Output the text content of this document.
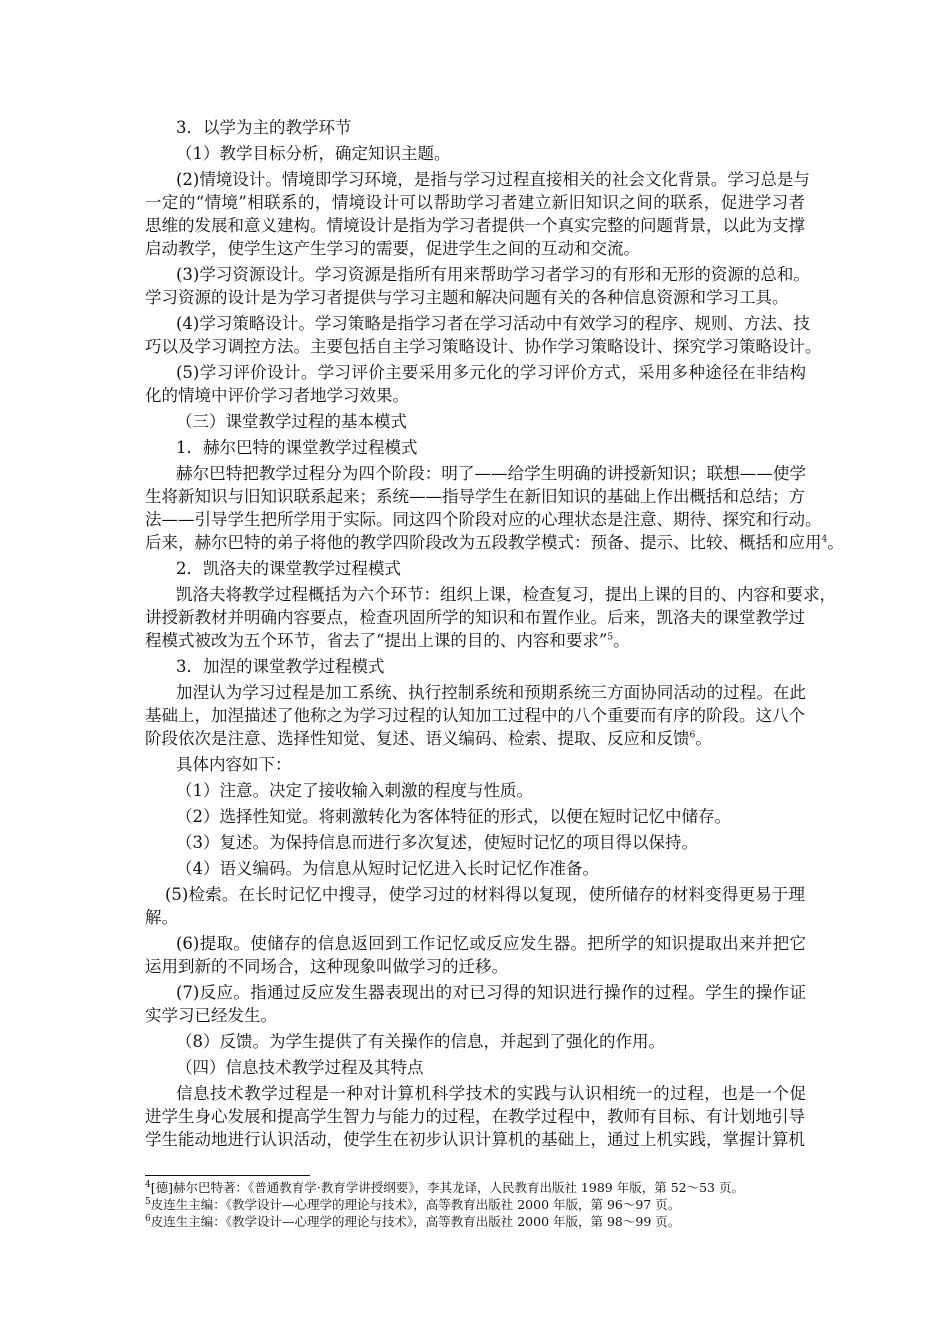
3．以学为主的教学环节
（1）教学目标分析，确定知识主题。
(2)情境设计。情境即学习环境，是指与学习过程直接相关的社会文化背景。学习总是与
一定的“情境”相联系的，情境设计可以帮助学习者建立新旧知识之间的联系，促进学习者
思维的发展和意义建构。情境设计是指为学习者提供一个真实完整的问题背景，以此为支撑
启动教学，使学生这产生学习的需要，促进学生之间的互动和交流。
(3)学习资源设计。学习资源是指所有用来帮助学习者学习的有形和无形的资源的总和。
学习资源的设计是为学习者提供与学习主题和解决问题有关的各种信息资源和学习工具。
(4)学习策略设计。学习策略是指学习者在学习活动中有效学习的程序、规则、方法、技
巧以及学习调控方法。主要包括自主学习策略设计、协作学习策略设计、探究学习策略设计。
(5)学习评价设计。学习评价主要采用多元化的学习评价方式，采用多种途径在非结构
化的情境中评价学习者地学习效果。
（三）课堂教学过程的基本模式
1．赫尔巴特的课堂教学过程模式
赫尔巴特把教学过程分为四个阶段：明了——给学生明确的讲授新知识；联想——使学
生将新知识与旧知识联系起来；系统——指导学生在新旧知识的基础上作出概括和总结；方
法——引导学生把所学用于实际。同这四个阶段对应的心理状态是注意、期待、探究和行动。
后来，赫尔巴特的弟子将他的教学四阶段改为五段教学模式：预备、提示、比较、概括和应用$^4$。
2．凯洛夫的课堂教学过程模式
凯洛夫将教学过程概括为六个环节：组织上课，检查复习，提出上课的目的、内容和要求，
讲授新教材并明确内容要点，检查巩固所学的知识和布置作业。后来，凯洛夫的课堂教学过
程模式被改为五个环节，省去了“提出上课的目的、内容和要求”$^5$。
3．加涅的课堂教学过程模式
加涅认为学习过程是加工系统、执行控制系统和预期系统三方面协同活动的过程。在此
基础上，加涅描述了他称之为学习过程的认知加工过程中的八个重要而有序的阶段。这八个
阶段依次是注意、选择性知觉、复述、语义编码、检索、提取、反应和反馈$^6$。
具体内容如下：
（1）注意。决定了接收输入刺激的程度与性质。
（2）选择性知觉。将刺激转化为客体特征的形式，以便在短时记忆中储存。
（3）复述。为保持信息而进行多次复述，使短时记忆的项目得以保持。
（4）语义编码。为信息从短时记忆进入长时记忆作准备。
(5)检索。在长时记忆中搜寻，使学习过的材料得以复现，使所储存的材料变得更易于理
解。
(6)提取。使储存的信息返回到工作记忆或反应发生器。把所学的知识提取出来并把它
运用到新的不同场合，这种现象叫做学习的迁移。
(7)反应。指通过反应发生器表现出的对已习得的知识进行操作的过程。学生的操作证
实学习已经发生。
（8）反馈。为学生提供了有关操作的信息，并起到了强化的作用。
（四）信息技术教学过程及其特点
信息技术教学过程是一种对计算机科学技术的实践与认识相统一的过程，也是一个促
进学生身心发展和提高学生智力与能力的过程，在教学过程中，教师有目标、有计划地引导
学生能动地进行认识活动，使学生在初步认识计算机的基础上，通过上机实践，掌握计算机
$^4$[德]赫尔巴特著：《普通教育学·教育学讲授纲要》，李其龙译，人民教育出版社 1989 年版，第 52～53 页。
$^5$皮连生主编：《教学设计—心理学的理论与技术》，高等教育出版社 2000 年版，第 96～97 页。
$^6$皮连生主编：《教学设计—心理学的理论与技术》，高等教育出版社 2000 年版，第 98～99 页。
